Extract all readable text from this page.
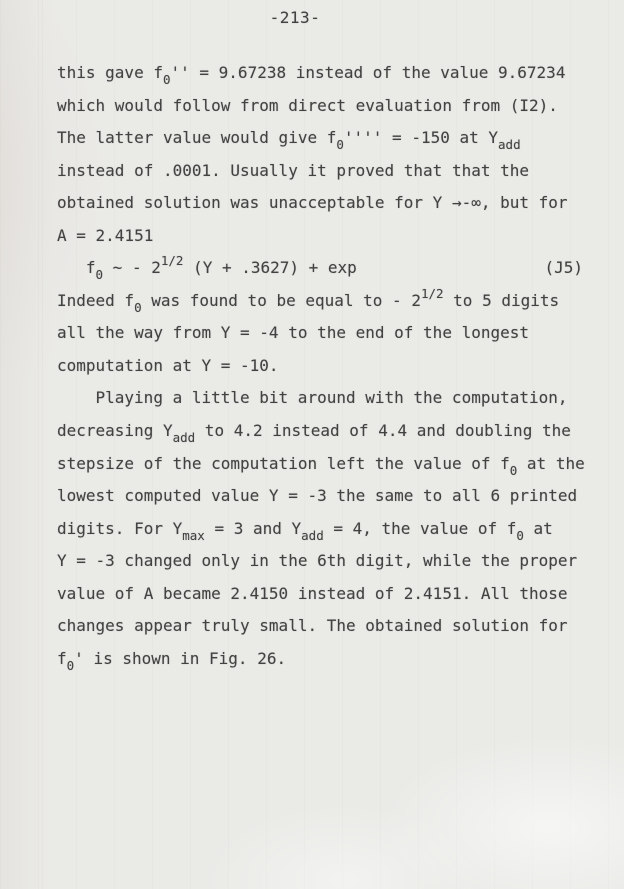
-213-
this gave f0'' = 9.67238 instead of the value 9.67234
which would follow from direct evaluation from (I2).
The latter value would give f0'''' = -150 at Yadd
instead of .0001. Usually it proved that that the
obtained solution was unacceptable for Y →-∞, but for
A = 2.4151
f0 ~ - 21/2 (Y + .3627) + exp	(J5)
Indeed f0 was found to be equal to - 21/2 to 5 digits
all the way from Y = -4 to the end of the longest
computation at Y = -10.
Playing a little bit around with the computation,
decreasing Yadd to 4.2 instead of 4.4 and doubling the
stepsize of the computation left the value of f0 at the
lowest computed value Y = -3 the same to all 6 printed
digits. For Ymax = 3 and Yadd = 4, the value of f0 at
Y = -3 changed only in the 6th digit, while the proper
value of A became 2.4150 instead of 2.4151. All those
changes appear truly small. The obtained solution for
f0' is shown in Fig. 26.
